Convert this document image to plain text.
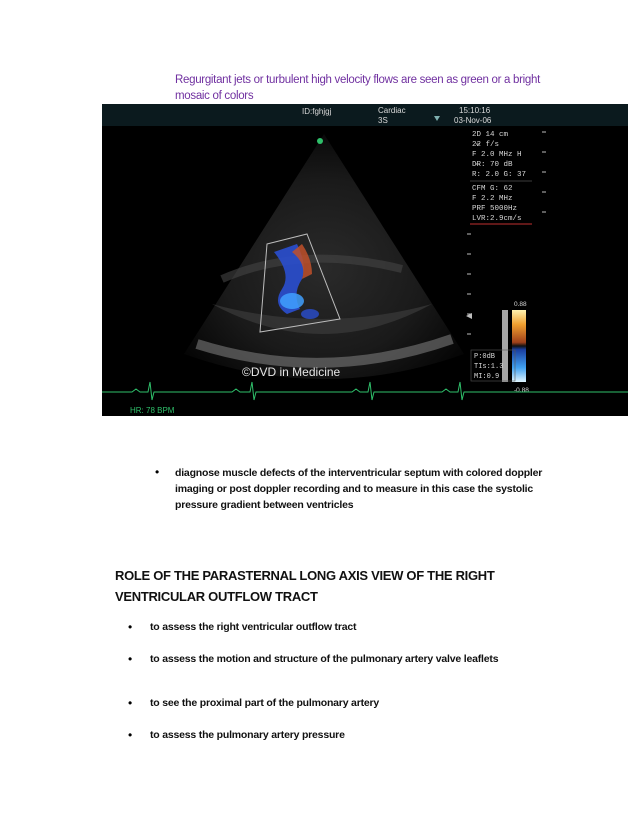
Regurgitant jets or turbulent high velocity flows are seen as green or a bright mosaic of colors
ID:fghjgj	Cardiac
3S
15:10:16
03-Nov-06
2D 14 cm
22 f/s
F 2.0 MHz H
DR: 70 dB
R: 2.0 G: 37
CFM G: 62
F 2.2 MHz
PRF 5000Hz
LVR:2.9cm/s
0.88
-0.88
P:0dB
TIs:1.3
MI:0.9
©DVD in Medicine
HR: 78 BPM
• diagnose muscle defects of the interventricular septum with colored doppler imaging or post doppler recording and to measure in this case the systolic pressure gradient between ventricles

ROLE OF THE PARASTERNAL LONG AXIS VIEW OF THE RIGHT VENTRICULAR OUTFLOW TRACT
• to assess the right ventricular outflow tract
• to assess the motion and structure of the pulmonary artery valve leaflets
• to see the proximal part of the pulmonary artery
• to assess the pulmonary artery pressure
